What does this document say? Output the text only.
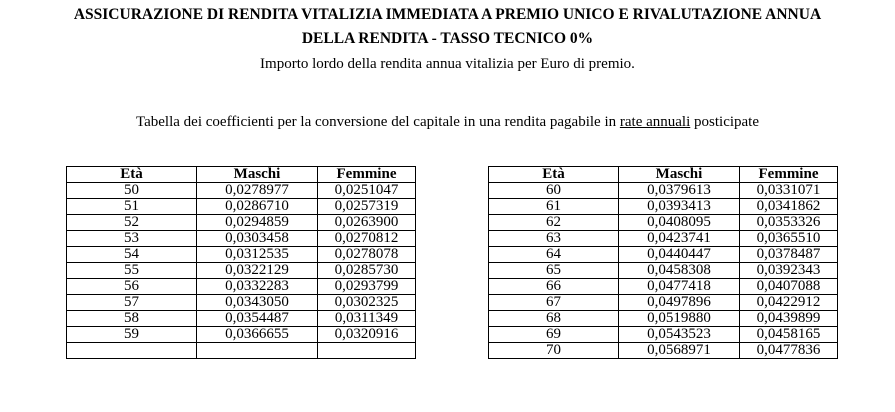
ASSICURAZIONE DI RENDITA VITALIZIA IMMEDIATA A PREMIO UNICO E RIVALUTAZIONE ANNUA
DELLA RENDITA - TASSO TECNICO 0%
Importo lordo della rendita annua vitalizia per Euro di premio.
Tabella dei coefficienti per la conversione del capitale in una rendita pagabile in rate annuali posticipate
Età	Maschi	Femmine
50	0,0278977	0,0251047
51	0,0286710	0,0257319
52	0,0294859	0,0263900
53	0,0303458	0,0270812
54	0,0312535	0,0278078
55	0,0322129	0,0285730
56	0,0332283	0,0293799
57	0,0343050	0,0302325
58	0,0354487	0,0311349
59	0,0366655	0,0320916

Età	Maschi	Femmine
60	0,0379613	0,0331071
61	0,0393413	0,0341862
62	0,0408095	0,0353326
63	0,0423741	0,0365510
64	0,0440447	0,0378487
65	0,0458308	0,0392343
66	0,0477418	0,0407088
67	0,0497896	0,0422912
68	0,0519880	0,0439899
69	0,0543523	0,0458165
70	0,0568971	0,0477836
